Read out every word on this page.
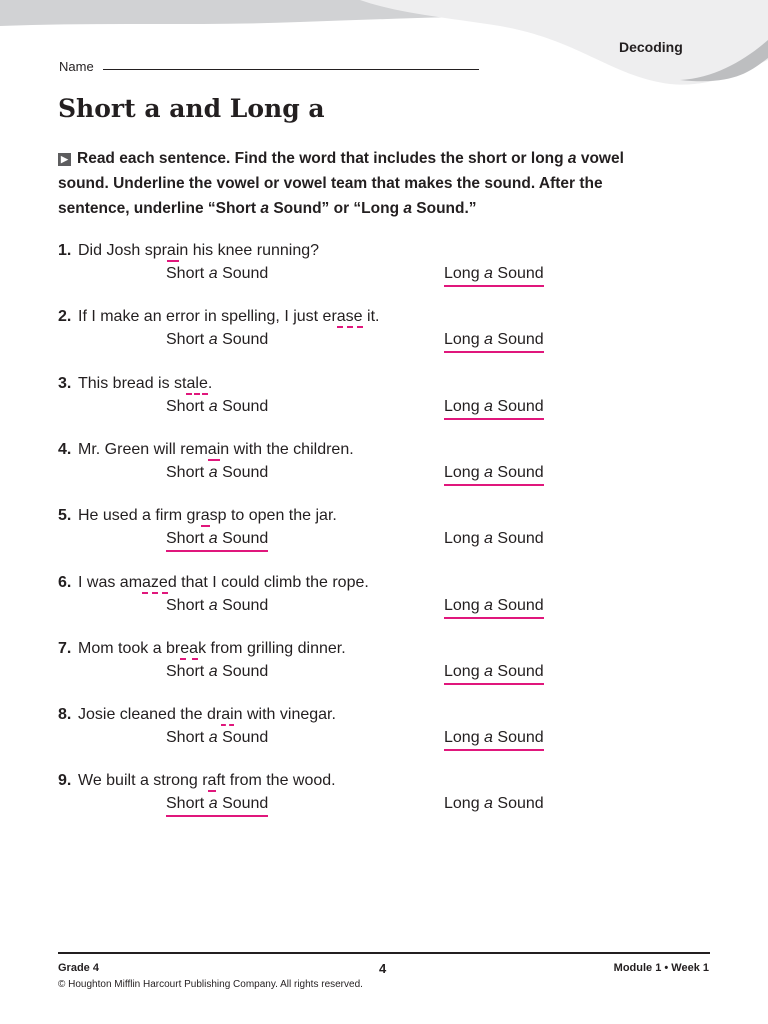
Decoding
Name
Short a and Long a
▶ Read each sentence. Find the word that includes the short or long a vowel
sound. Underline the vowel or vowel team that makes the sound. After the
sentence, underline “Short a Sound” or “Long a Sound.”
1. Did Josh sprain his knee running?
Short a Sound	Long a Sound
2. If I make an error in spelling, I just erase it.
Short a Sound	Long a Sound
3. This bread is stale.
Short a Sound	Long a Sound
4. Mr. Green will remain with the children.
Short a Sound	Long a Sound
5. He used a firm grasp to open the jar.
Short a Sound	Long a Sound
6. I was amazed that I could climb the rope.
Short a Sound	Long a Sound
7. Mom took a break from grilling dinner.
Short a Sound	Long a Sound
8. Josie cleaned the drain with vinegar.
Short a Sound	Long a Sound
9. We built a strong raft from the wood.
Short a Sound	Long a Sound
Grade 4
© Houghton Mifflin Harcourt Publishing Company. All rights reserved.
4	Module 1 • Week 1
